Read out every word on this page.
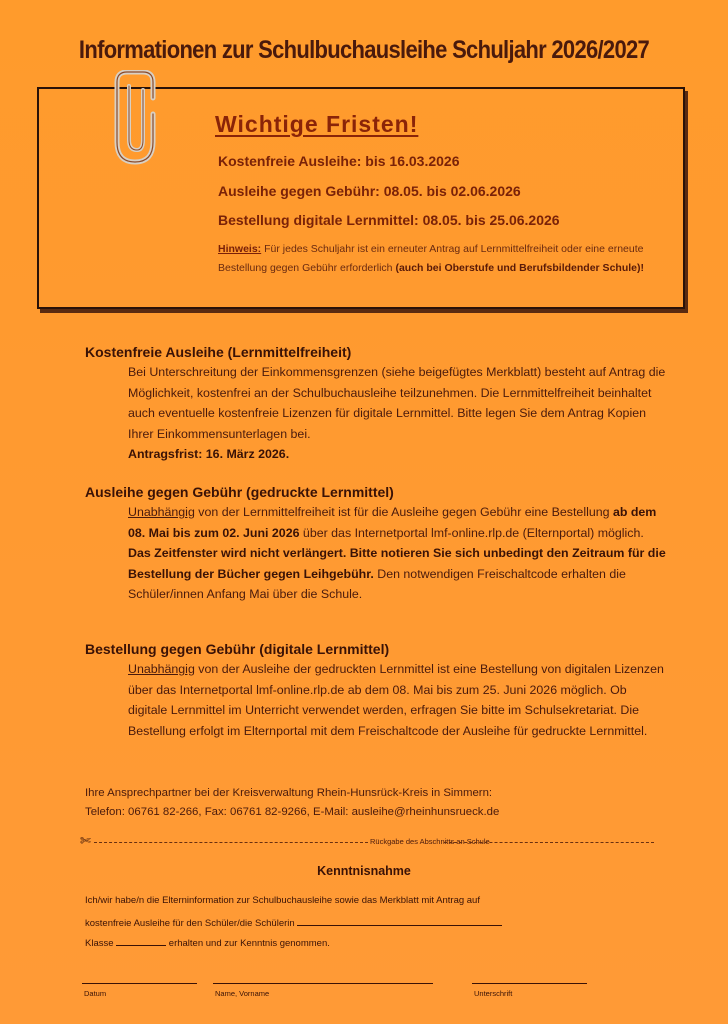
Informationen zur Schulbuchausleihe Schuljahr 2026/2027
Wichtige Fristen!
Kostenfreie Ausleihe: bis 16.03.2026
Ausleihe gegen Gebühr: 08.05. bis 02.06.2026
Bestellung digitale Lernmittel: 08.05. bis 25.06.2026
Hinweis: Für jedes Schuljahr ist ein erneuter Antrag auf Lernmittelfreiheit oder eine erneute Bestellung gegen Gebühr erforderlich (auch bei Oberstufe und Berufsbildender Schule)!
Kostenfreie Ausleihe (Lernmittelfreiheit)
Bei Unterschreitung der Einkommensgrenzen (siehe beigefügtes Merkblatt) besteht auf Antrag die Möglichkeit, kostenfrei an der Schulbuchausleihe teilzunehmen. Die Lernmittelfreiheit beinhaltet auch eventuelle kostenfreie Lizenzen für digitale Lernmittel. Bitte legen Sie dem Antrag Kopien Ihrer Einkommensunterlagen bei.
Antragsfrist: 16. März 2026.
Ausleihe gegen Gebühr (gedruckte Lernmittel)
Unabhängig von der Lernmittelfreiheit ist für die Ausleihe gegen Gebühr eine Bestellung ab dem 08. Mai bis zum 02. Juni 2026 über das Internetportal lmf-online.rlp.de (Elternportal) möglich. Das Zeitfenster wird nicht verlängert. Bitte notieren Sie sich unbedingt den Zeitraum für die Bestellung der Bücher gegen Leihgebühr. Den notwendigen Freischaltcode erhalten die Schüler/innen Anfang Mai über die Schule.
Bestellung gegen Gebühr (digitale Lernmittel)
Unabhängig von der Ausleihe der gedruckten Lernmittel ist eine Bestellung von digitalen Lizenzen über das Internetportal lmf-online.rlp.de ab dem 08. Mai bis zum 25. Juni 2026 möglich. Ob digitale Lernmittel im Unterricht verwendet werden, erfragen Sie bitte im Schulsekretariat. Die Bestellung erfolgt im Elternportal mit dem Freischaltcode der Ausleihe für gedruckte Lernmittel.
Ihre Ansprechpartner bei der Kreisverwaltung Rhein-Hunsrück-Kreis in Simmern:
Telefon: 06761 82-266, Fax: 06761 82-9266, E-Mail: ausleihe@rheinhunsrueck.de
✄	Rückgabe des Abschnitts an Schule
Kenntnisnahme
Ich/wir habe/n die Elterninformation zur Schulbuchausleihe sowie das Merkblatt mit Antrag auf
kostenfreie Ausleihe für den Schüler/die Schülerin
Klasse	erhalten und zur Kenntnis genommen.
Datum	Name, Vorname	Unterschrift
